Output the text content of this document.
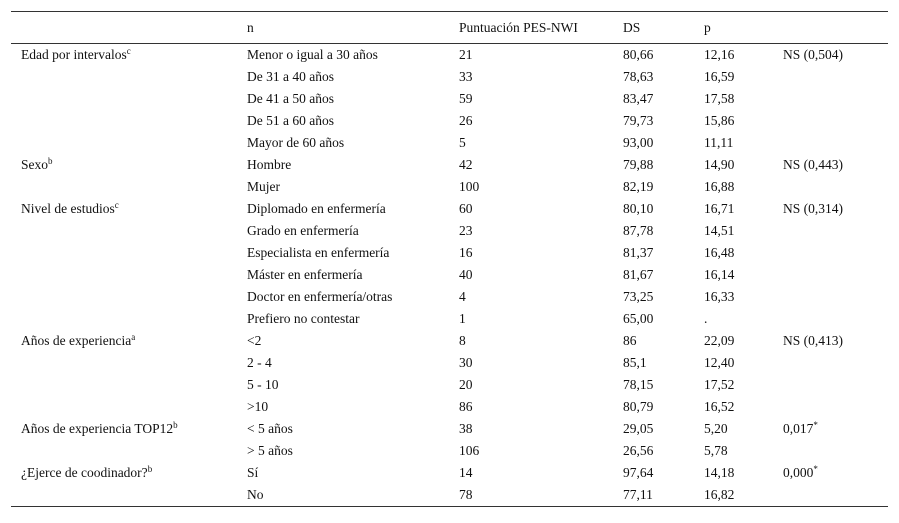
	n	Puntuación PES-NWI	DS	p	
Edad por intervalos$^c$	Menor o igual a 30 años	21	80,66	12,16	NS (0,504)
	De 31 a 40 años	33	78,63	16,59	
	De 41 a 50 años	59	83,47	17,58	
	De 51 a 60 años	26	79,73	15,86	
	Mayor de 60 años	5	93,00	11,11	
Sexo$^b$	Hombre	42	79,88	14,90	NS (0,443)
	Mujer	100	82,19	16,88	
Nivel de estudios$^c$	Diplomado en enfermería	60	80,10	16,71	NS (0,314)
	Grado en enfermería	23	87,78	14,51	
	Especialista en enfermería	16	81,37	16,48	
	Máster en enfermería	40	81,67	16,14	
	Doctor en enfermería/otras	4	73,25	16,33	
	Prefiero no contestar	1	65,00	.	
Años de experiencia$^a$	<2	8	86	22,09	NS (0,413)
	2 - 4	30	85,1	12,40	
	5 - 10	20	78,15	17,52	
	>10	86	80,79	16,52	
Años de experiencia $TOP12^b$	< 5 años	38	29,05	5,20	0,017*
	> 5 años	106	26,56	5,78	
¿Ejerce de coodinador?$^b$	Sí	14	97,64	14,18	0,000*
	No	78	77,11	16,82	
